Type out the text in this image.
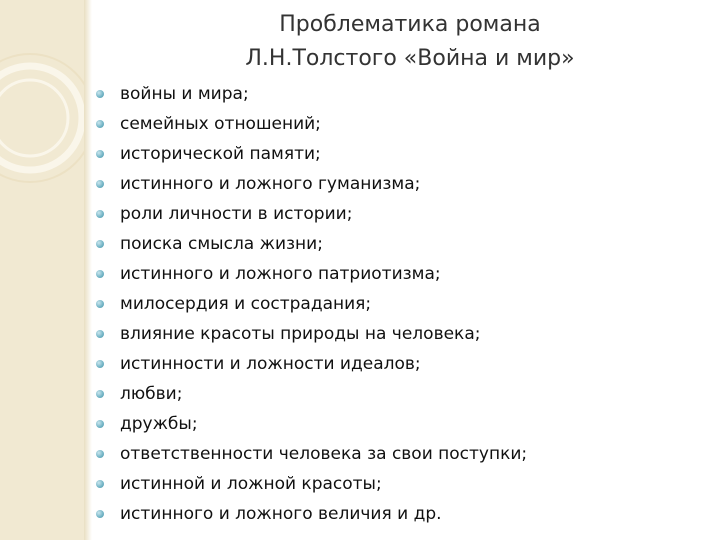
Проблематика романа
Л.Н.Толстого «Война и мир»
войны и мира;
семейных отношений;
исторической памяти;
истинного и ложного гуманизма;
роли личности в истории;
поиска смысла жизни;
истинного и ложного патриотизма;
милосердия и сострадания;
влияние красоты природы на человека;
истинности и ложности идеалов;
любви;
дружбы;
ответственности человека за свои поступки;
истинной и ложной красоты;
истинного и ложного величия и др.
